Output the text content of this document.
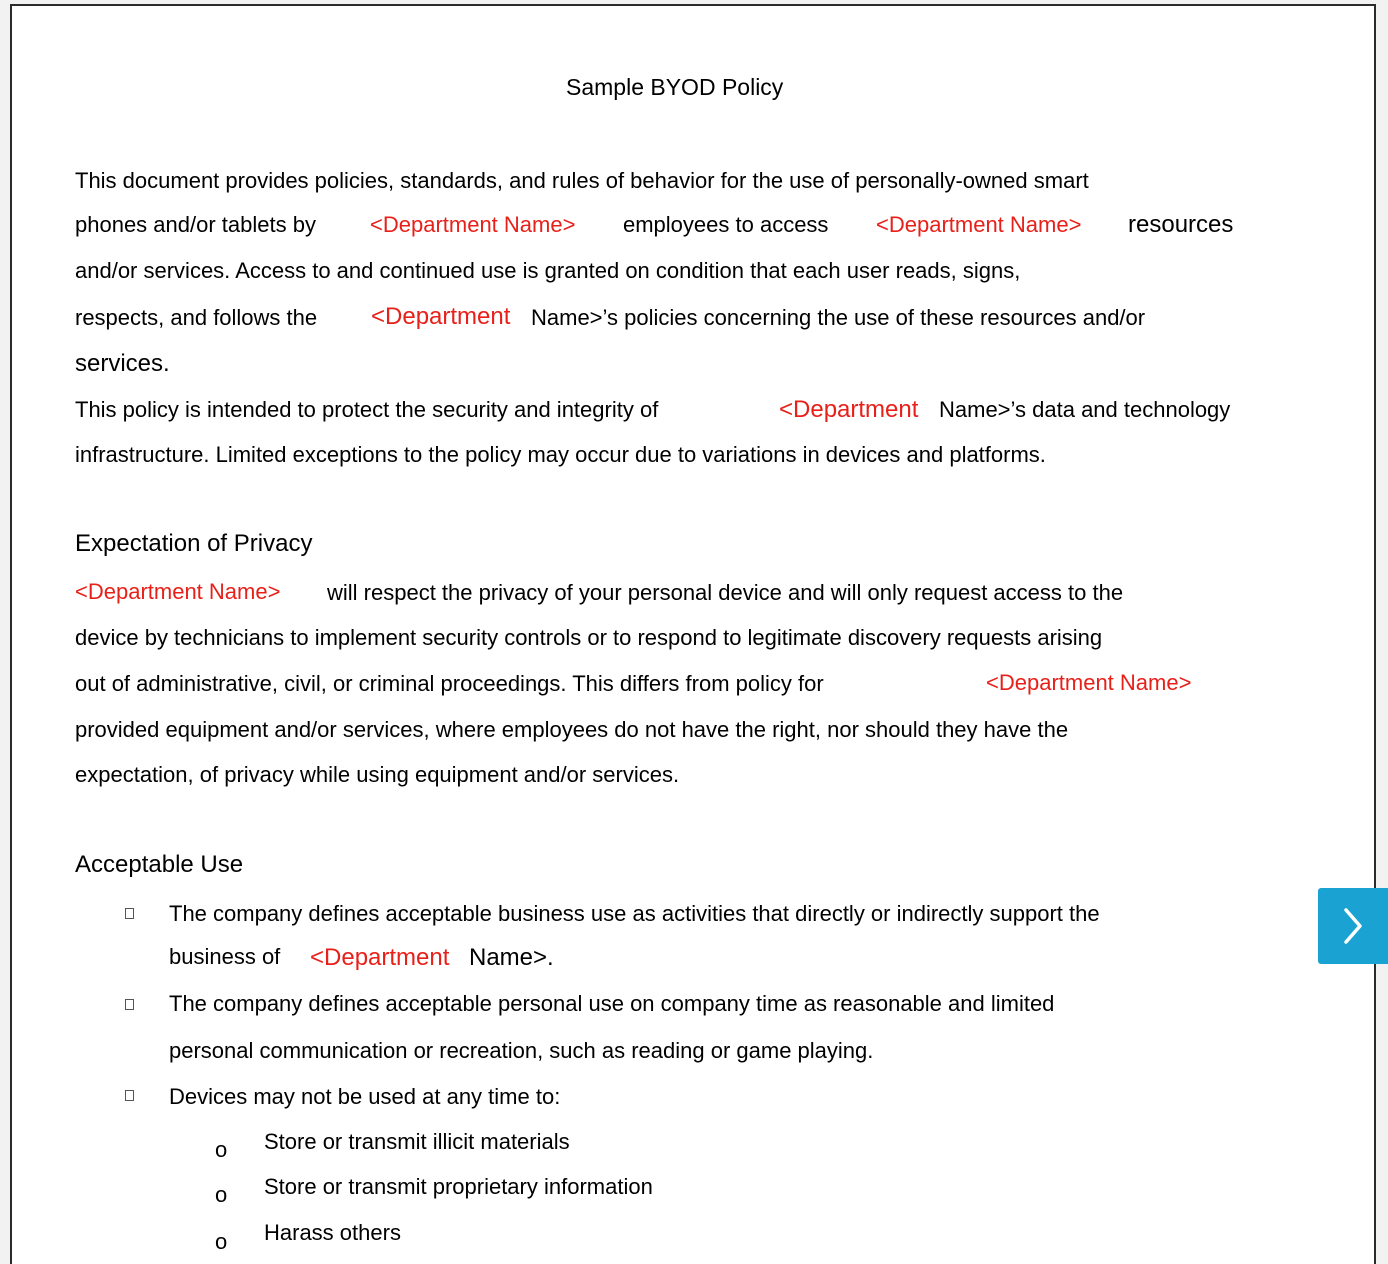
Sample BYOD Policy
This document provides policies, standards, and rules of behavior for the use of personally-owned smart
phones and/or tablets by <Department Name> employees to access <Department Name> resources
and/or services. Access to and continued use is granted on condition that each user reads, signs,
respects, and follows the <Department Name>’s policies concerning the use of these resources and/or
services.
This policy is intended to protect the security and integrity of	<Department Name>’s data and technology
infrastructure. Limited exceptions to the policy may occur due to variations in devices and platforms.
Expectation of Privacy
<Department Name> will respect the privacy of your personal device and will only request access to the
device by technicians to implement security controls or to respond to legitimate discovery requests arising
out of administrative, civil, or criminal proceedings. This differs from policy for	<Department Name>
provided equipment and/or services, where employees do not have the right, nor should they have the
expectation, of privacy while using equipment and/or services.
Acceptable Use
The company defines acceptable business use as activities that directly or indirectly support the
business of <Department Name>.
The company defines acceptable personal use on company time as reasonable and limited
personal communication or recreation, such as reading or game playing.
Devices may not be used at any time to:
o Store or transmit illicit materials
o Store or transmit proprietary information
o Harass others
